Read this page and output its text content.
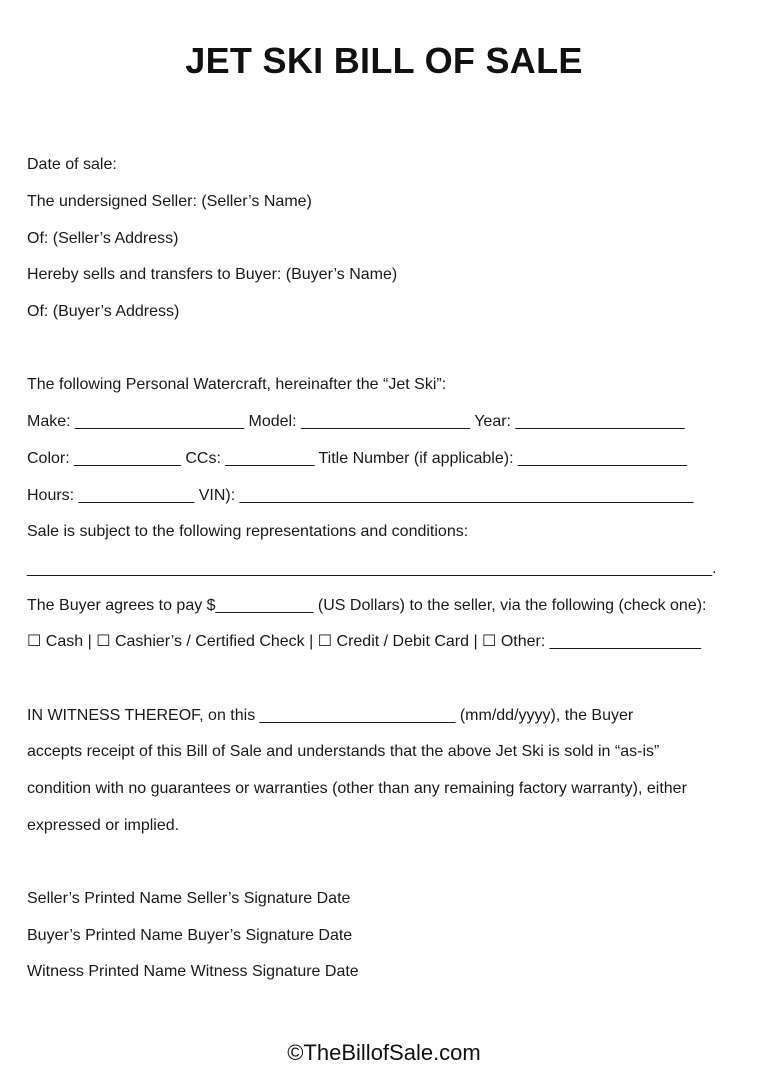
JET SKI BILL OF SALE
Date of sale:
The undersigned Seller: (Seller’s Name)
Of: (Seller’s Address)
Hereby sells and transfers to Buyer: (Buyer’s Name)
Of: (Buyer’s Address)
The following Personal Watercraft, hereinafter the “Jet Ski”:
Make: ___________________ Model: ___________________ Year: ___________________
Color: ____________ CCs: __________ Title Number (if applicable): ___________________
Hours: _____________ VIN): ___________________________________________________
Sale is subject to the following representations and conditions:
_____________________________________________________________________________.
The Buyer agrees to pay $___________ (US Dollars) to the seller, via the following (check one):
☐ Cash | ☐ Cashier’s / Certified Check | ☐ Credit / Debit Card | ☐ Other: _________________
IN WITNESS THEREOF, on this ______________________ (mm/dd/yyyy), the Buyer
accepts receipt of this Bill of Sale and understands that the above Jet Ski is sold in “as-is”
condition with no guarantees or warranties (other than any remaining factory warranty), either
expressed or implied.
Seller’s Printed Name Seller’s Signature Date
Buyer’s Printed Name Buyer’s Signature Date
Witness Printed Name Witness Signature Date
©TheBillofSale.com
